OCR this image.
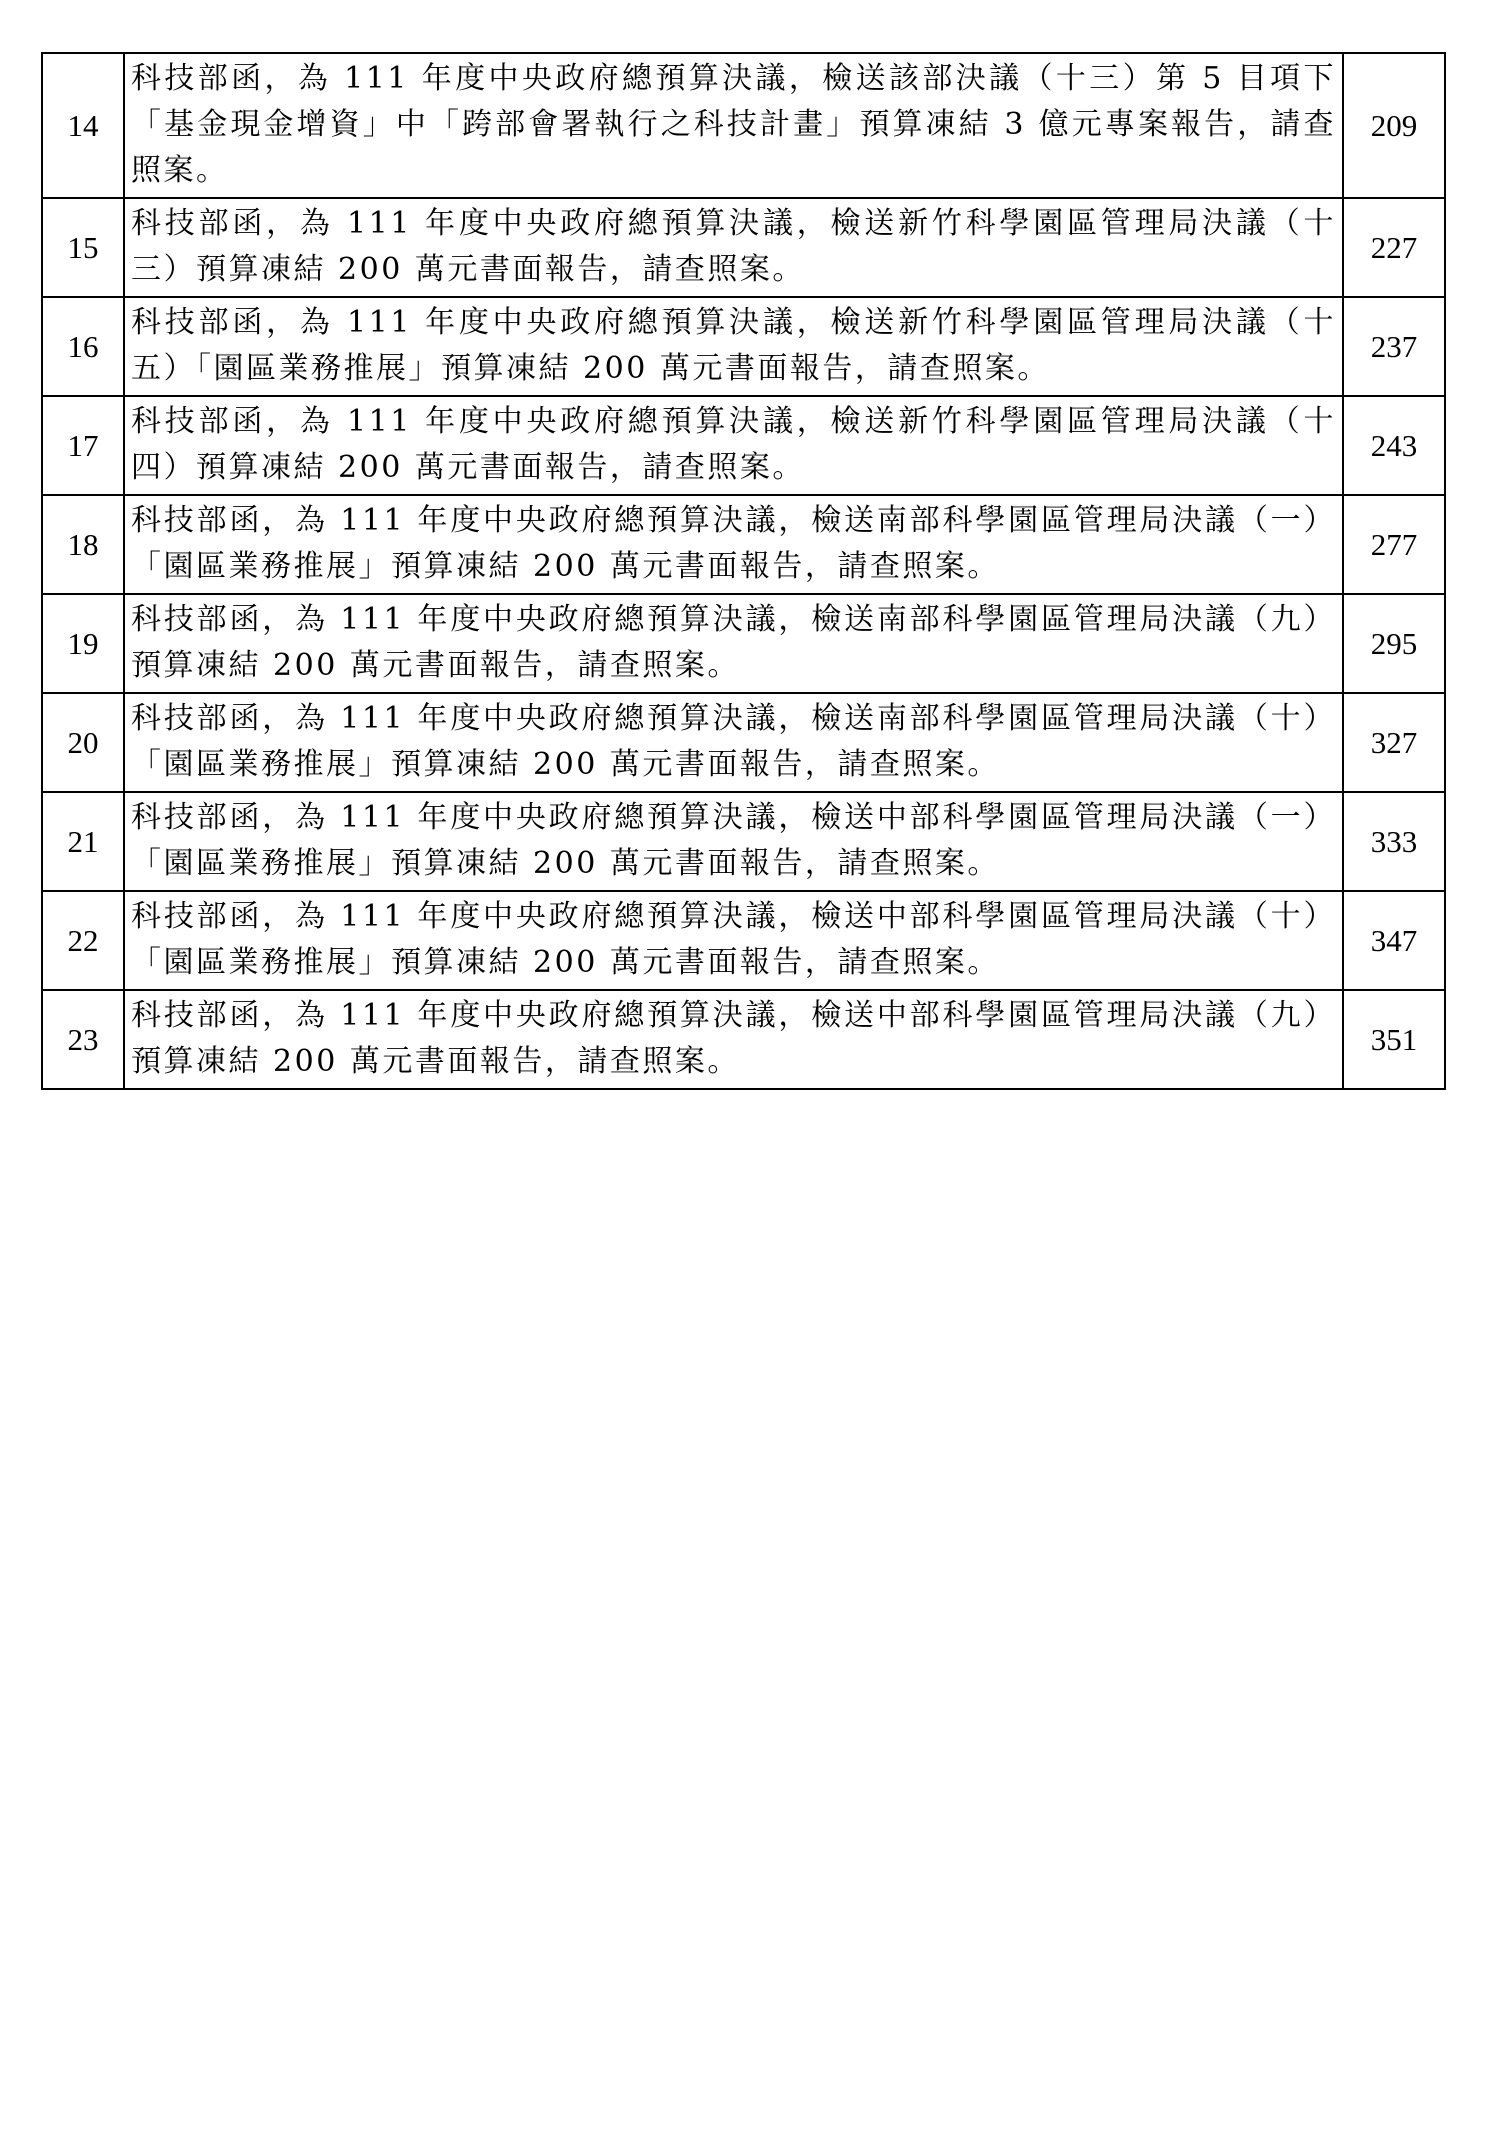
14	科技部函，為 111 年度中央政府總預算決議，檢送該部決議（十三）第 5 目項下「基金現金增資」中「跨部會署執行之科技計畫」預算凍結 3 億元專案報告，請查照案。	209
15	科技部函，為 111 年度中央政府總預算決議，檢送新竹科學園區管理局決議（十三）預算凍結 200 萬元書面報告，請查照案。	227
16	科技部函，為 111 年度中央政府總預算決議，檢送新竹科學園區管理局決議（十五）「園區業務推展」預算凍結 200 萬元書面報告，請查照案。	237
17	科技部函，為 111 年度中央政府總預算決議，檢送新竹科學園區管理局決議（十四）預算凍結 200 萬元書面報告，請查照案。	243
18	科技部函，為 111 年度中央政府總預算決議，檢送南部科學園區管理局決議（一）「園區業務推展」預算凍結 200 萬元書面報告，請查照案。	277
19	科技部函，為 111 年度中央政府總預算決議，檢送南部科學園區管理局決議（九）預算凍結 200 萬元書面報告，請查照案。	295
20	科技部函，為 111 年度中央政府總預算決議，檢送南部科學園區管理局決議（十）「園區業務推展」預算凍結 200 萬元書面報告，請查照案。	327
21	科技部函，為 111 年度中央政府總預算決議，檢送中部科學園區管理局決議（一）「園區業務推展」預算凍結 200 萬元書面報告，請查照案。	333
22	科技部函，為 111 年度中央政府總預算決議，檢送中部科學園區管理局決議（十）「園區業務推展」預算凍結 200 萬元書面報告，請查照案。	347
23	科技部函，為 111 年度中央政府總預算決議，檢送中部科學園區管理局決議（九）預算凍結 200 萬元書面報告，請查照案。	351
